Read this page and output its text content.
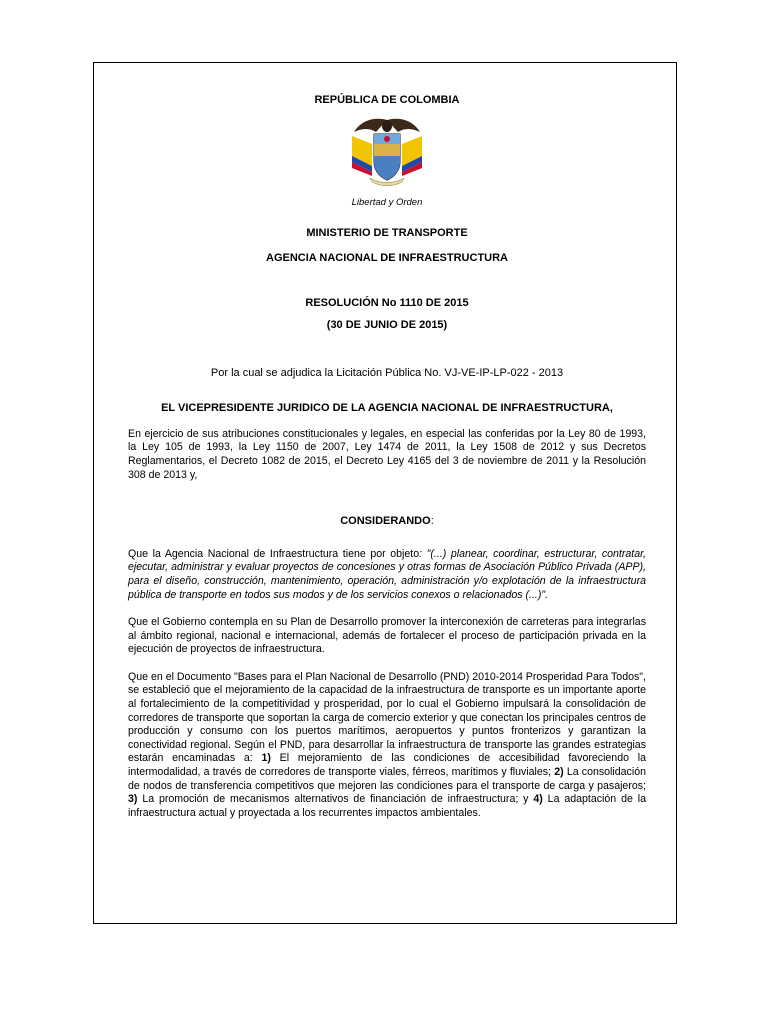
REPÚBLICA DE COLOMBIA
Libertad y Orden
MINISTERIO DE TRANSPORTE
AGENCIA NACIONAL DE INFRAESTRUCTURA
RESOLUCIÓN No 1110 DE 2015
(30 DE JUNIO DE 2015)
Por la cual se adjudica la Licitación Pública No. VJ-VE-IP-LP-022 - 2013
EL VICEPRESIDENTE JURIDICO DE LA AGENCIA NACIONAL DE INFRAESTRUCTURA,

En ejercicio de sus atribuciones constitucionales y legales, en especial las conferidas por la Ley 80 de 1993, la Ley 105 de 1993, la Ley 1150 de 2007, Ley 1474 de 2011, la Ley 1508 de 2012 y sus Decretos Reglamentarios, el Decreto 1082 de 2015, el Decreto Ley 4165 del 3 de noviembre de 2011 y la Resolución 308 de 2013 y,

CONSIDERANDO:

Que la Agencia Nacional de Infraestructura tiene por objeto: "(...) planear, coordinar, estructurar, contratar, ejecutar, administrar y evaluar proyectos de concesiones y otras formas de Asociación Público Privada (APP), para el diseño, construcción, mantenimiento, operación, administración y/o explotación de la infraestructura pública de transporte en todos sus modos y de los servicios conexos o relacionados (...)".

Que el Gobierno contempla en su Plan de Desarrollo promover la interconexión de carreteras para integrarlas al ámbito regional, nacional e internacional, además de fortalecer el proceso de participación privada en la ejecución de proyectos de infraestructura.

Que en el Documento "Bases para el Plan Nacional de Desarrollo (PND) 2010-2014 Prosperidad Para Todos", se estableció que el mejoramiento de la capacidad de la infraestructura de transporte es un importante aporte al fortalecimiento de la competitividad y prosperidad, por lo cual el Gobierno impulsará la consolidación de corredores de transporte que soportan la carga de comercio exterior y que conectan los principales centros de producción y consumo con los puertos marítimos, aeropuertos y puntos fronterizos y garantizan la conectividad regional. Según el PND, para desarrollar la infraestructura de transporte las grandes estrategias estarán encaminadas a: 1) El mejoramiento de las condiciones de accesibilidad favoreciendo la intermodalidad, a través de corredores de transporte viales, férreos, marítimos y fluviales; 2) La consolidación de nodos de transferencia competitivos que mejoren las condiciones para el transporte de carga y pasajeros; 3) La promoción de mecanismos alternativos de financiación de infraestructura; y 4) La adaptación de la infraestructura actual y proyectada a los recurrentes impactos ambientales.
